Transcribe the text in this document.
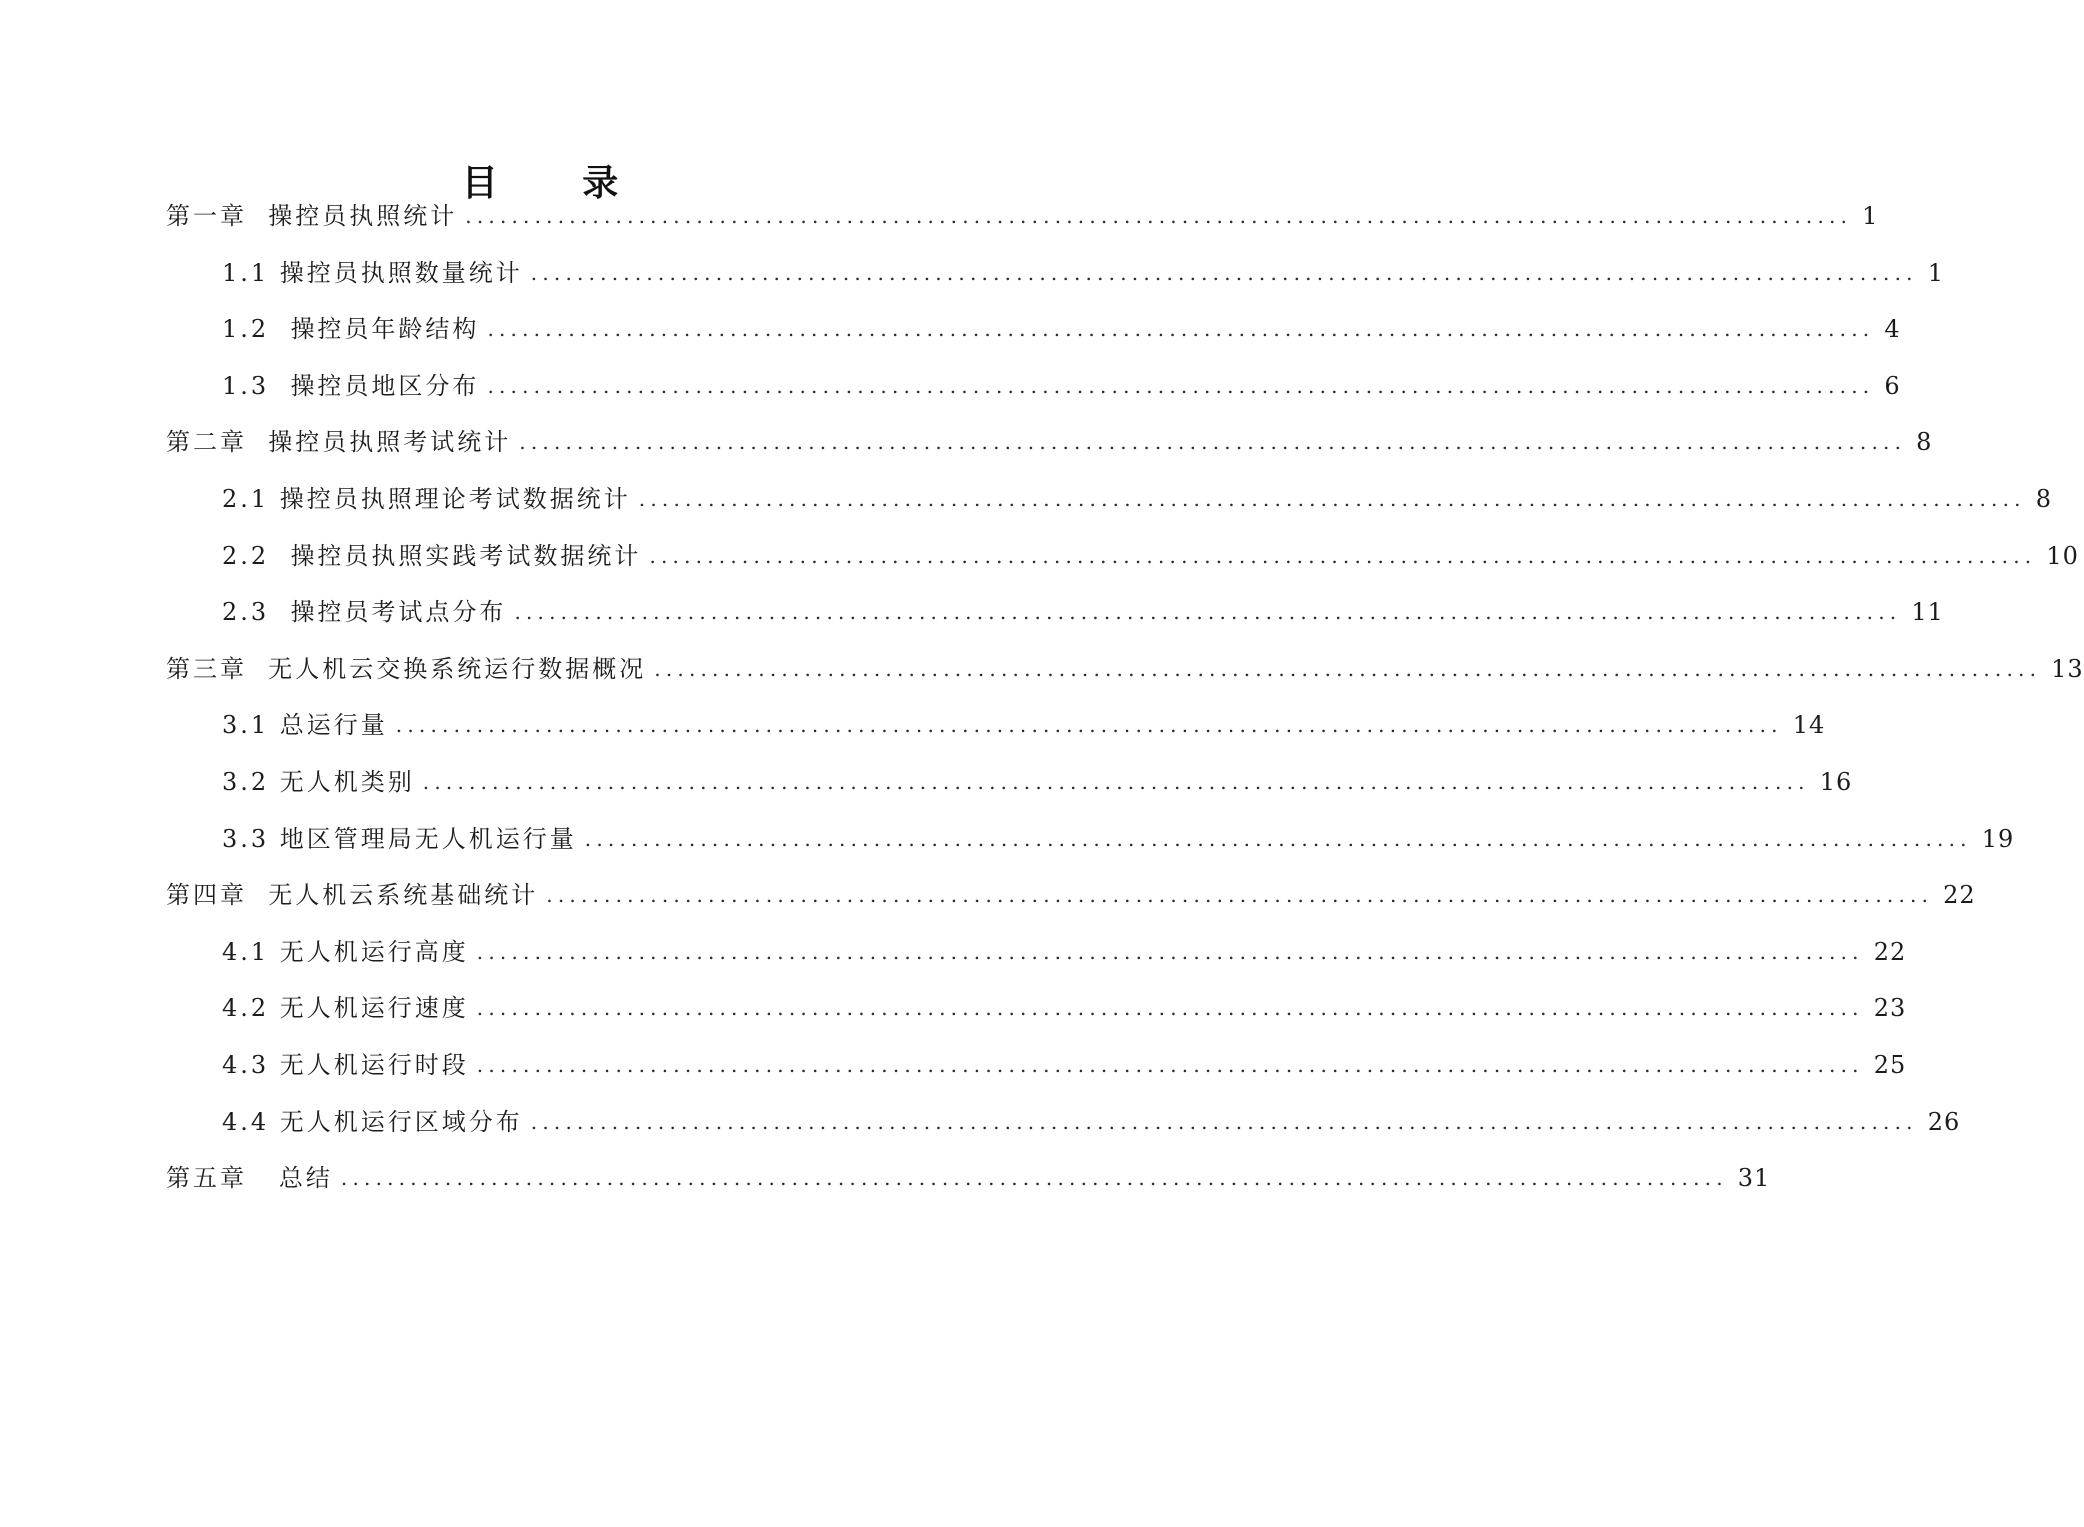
目 录
第一章 操控员执照统计 ........................................................................................................................ 1
1.1 操控员执照数量统计 ........................................................................................................................ 1
1.2 操控员年龄结构 ........................................................................................................................ 4
1.3 操控员地区分布 ........................................................................................................................ 6
第二章 操控员执照考试统计 ........................................................................................................................ 8
2.1 操控员执照理论考试数据统计 ........................................................................................................................ 8
2.2 操控员执照实践考试数据统计 ........................................................................................................................ 10
2.3 操控员考试点分布 ........................................................................................................................ 11
第三章 无人机云交换系统运行数据概况 ........................................................................................................................ 13
3.1 总运行量 ........................................................................................................................ 14
3.2 无人机类别 ........................................................................................................................ 16
3.3 地区管理局无人机运行量 ........................................................................................................................ 19
第四章 无人机云系统基础统计 ........................................................................................................................ 22
4.1 无人机运行高度 ........................................................................................................................ 22
4.2 无人机运行速度 ........................................................................................................................ 23
4.3 无人机运行时段 ........................................................................................................................ 25
4.4 无人机运行区域分布 ........................................................................................................................ 26
第五章 总结 ........................................................................................................................ 31
